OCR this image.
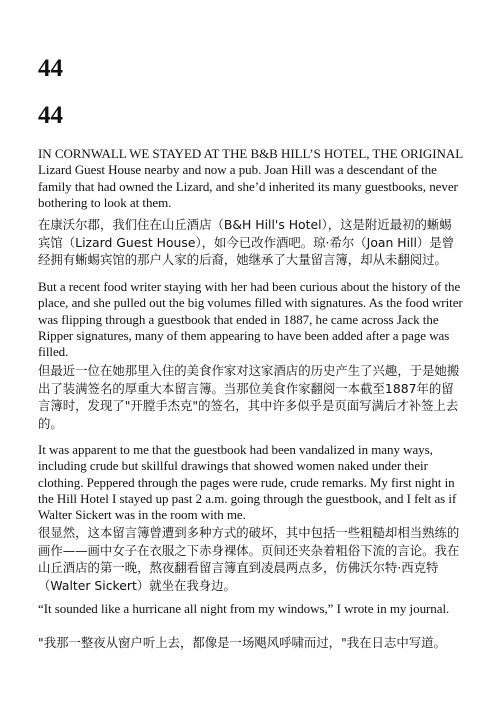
44
44

IN CORNWALL WE STAYED AT THE B&B HILL’S HOTEL, THE ORIGINAL Lizard Guest House nearby and now a pub. Joan Hill was a descendant of the family that had owned the Lizard, and she’d inherited its many guestbooks, never bothering to look at them.

在康沃尔郡，我们住在山丘酒店（B&H Hill's Hotel），这是附近最初的蜥蜴宾馆（Lizard Guest House），如今已改作酒吧。琼·希尔（Joan Hill）是曾经拥有蜥蜴宾馆的那户人家的后裔，她继承了大量留言簿，却从未翻阅过。

But a recent food writer staying with her had been curious about the history of the place, and she pulled out the big volumes filled with signatures. As the food writer was flipping through a guestbook that ended in 1887, he came across Jack the Ripper signatures, many of them appearing to have been added after a page was filled.

但最近一位在她那里入住的美食作家对这家酒店的历史产生了兴趣，于是她搬出了装满签名的厚重大本留言簿。当那位美食作家翻阅一本截至1887年的留言簿时，发现了"开膛手杰克"的签名，其中许多似乎是页面写满后才补签上去的。

It was apparent to me that the guestbook had been vandalized in many ways, including crude but skillful drawings that showed women naked under their clothing. Peppered through the pages were rude, crude remarks. My first night in the Hill Hotel I stayed up past 2 a.m. going through the guestbook, and I felt as if Walter Sickert was in the room with me.

很显然，这本留言簿曾遭到多种方式的破坏，其中包括一些粗糙却相当熟练的画作——画中女子在衣服之下赤身裸体。页间还夹杂着粗俗下流的言论。我在山丘酒店的第一晚，熬夜翻看留言簿直到凌晨两点多，仿佛沃尔特·西克特（Walter Sickert）就坐在我身边。

“It sounded like a hurricane all night from my windows,” I wrote in my journal.

"我那一整夜从窗户听上去，都像是一场飓风呼啸而过，"我在日志中写道。
